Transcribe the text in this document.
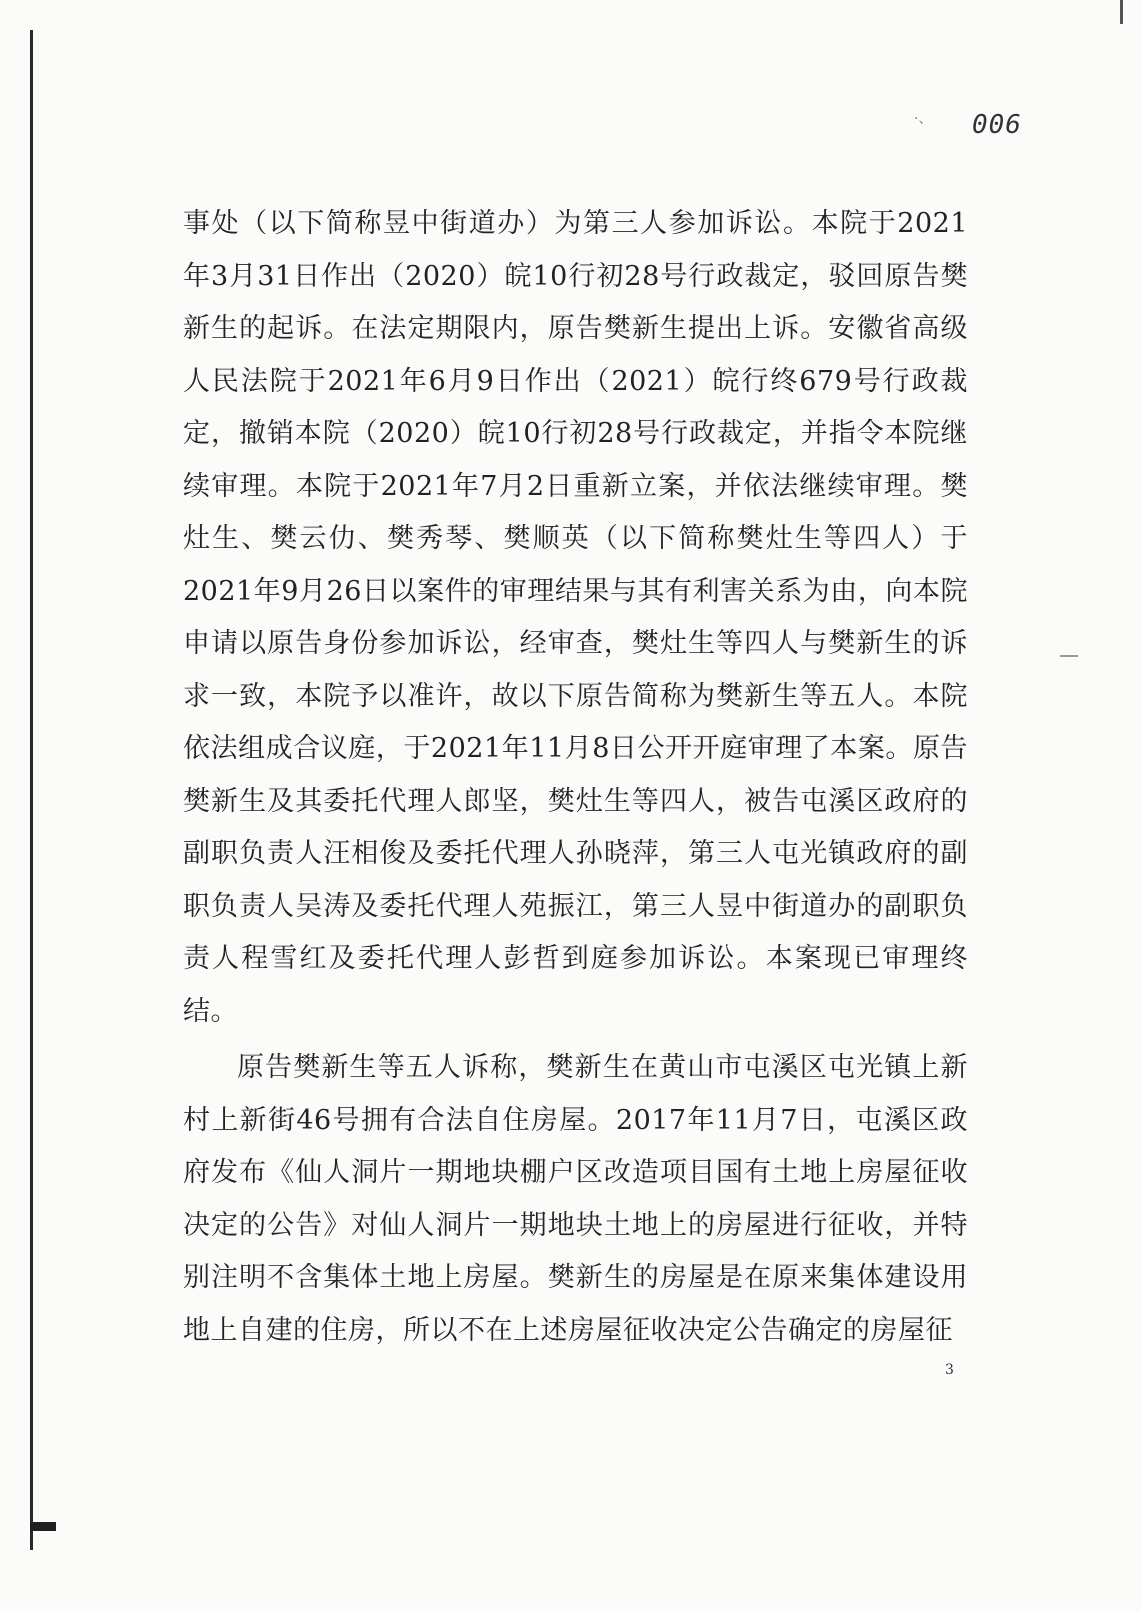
·、 006

事处（以下简称昱中街道办）为第三人参加诉讼。本院于2021年3月31日作出（2020）皖10行初28号行政裁定，驳回原告樊新生的起诉。在法定期限内，原告樊新生提出上诉。安徽省高级人民法院于2021年6月9日作出（2021）皖行终679号行政裁定，撤销本院（2020）皖10行初28号行政裁定，并指令本院继续审理。本院于2021年7月2日重新立案，并依法继续审理。樊灶生、樊云仂、樊秀琴、樊顺英（以下简称樊灶生等四人）于2021年9月26日以案件的审理结果与其有利害关系为由，向本院申请以原告身份参加诉讼，经审查，樊灶生等四人与樊新生的诉求一致，本院予以准许，故以下原告简称为樊新生等五人。本院依法组成合议庭，于2021年11月8日公开开庭审理了本案。原告樊新生及其委托代理人郎坚，樊灶生等四人，被告屯溪区政府的副职负责人汪相俊及委托代理人孙晓萍，第三人屯光镇政府的副职负责人吴涛及委托代理人苑振江，第三人昱中街道办的副职负责人程雪红及委托代理人彭哲到庭参加诉讼。本案现已审理终结。

原告樊新生等五人诉称，樊新生在黄山市屯溪区屯光镇上新村上新街46号拥有合法自住房屋。2017年11月7日，屯溪区政府发布《仙人洞片一期地块棚户区改造项目国有土地上房屋征收决定的公告》对仙人洞片一期地块土地上的房屋进行征收，并特别注明不含集体土地上房屋。樊新生的房屋是在原来集体建设用地上自建的住房，所以不在上述房屋征收决定公告确定的房屋征

3
